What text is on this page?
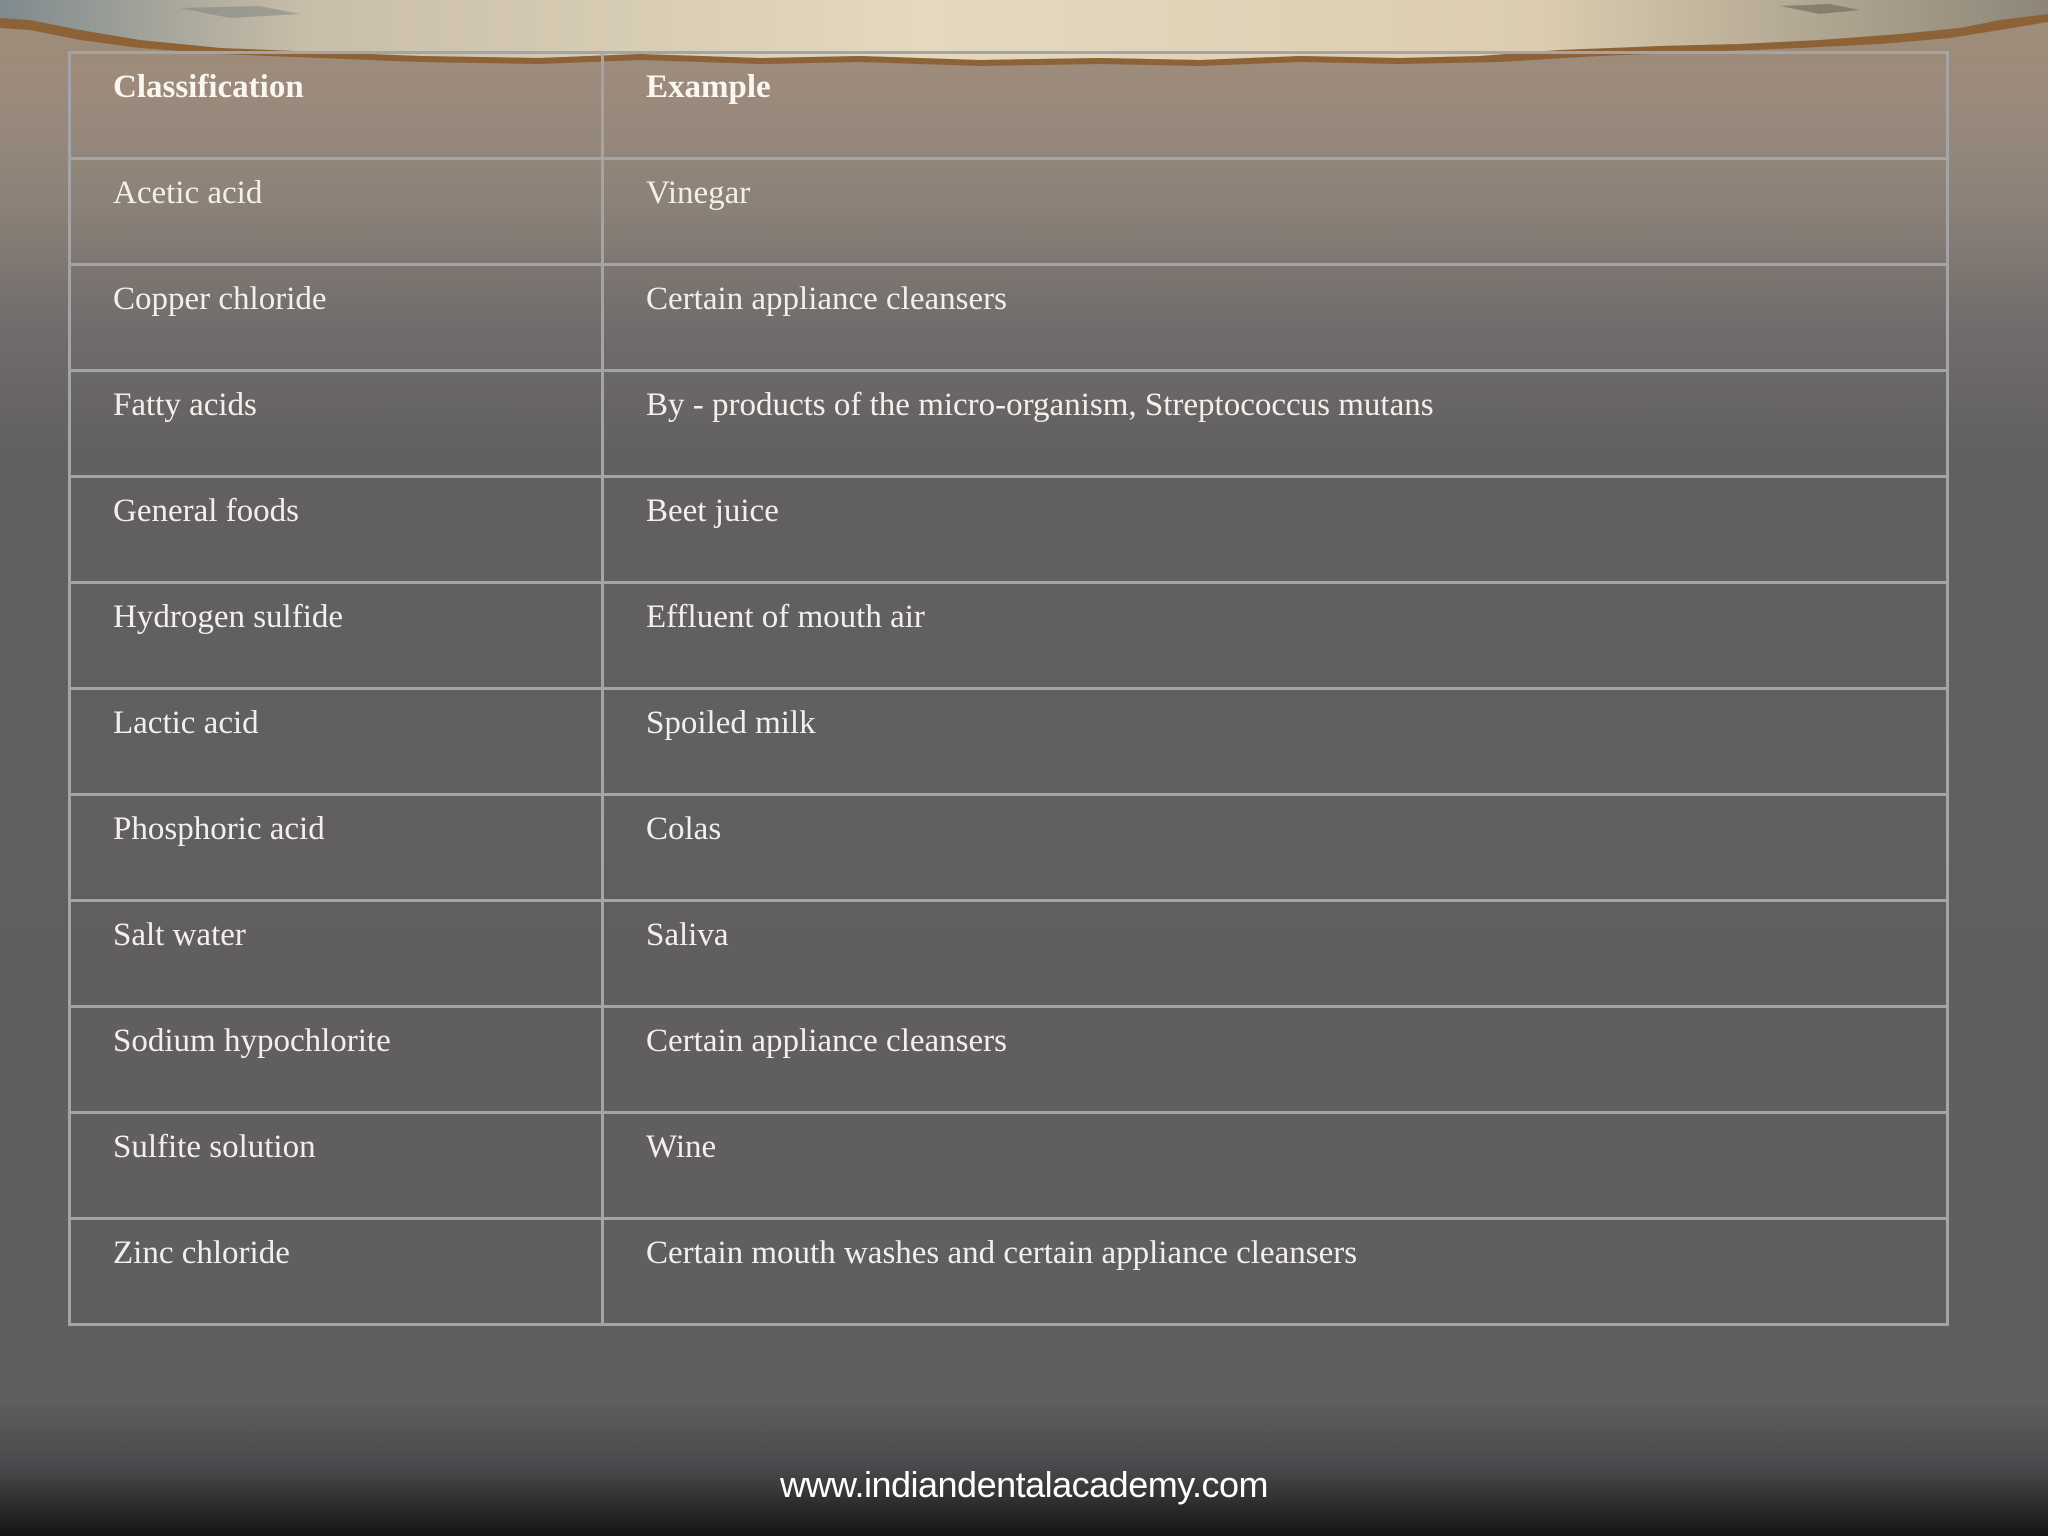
Classification	Example
Acetic acid	Vinegar
Copper chloride	Certain appliance cleansers
Fatty acids	By - products of the micro-organism, Streptococcus mutans
General foods	Beet juice
Hydrogen sulfide	Effluent of mouth air
Lactic acid	Spoiled milk
Phosphoric acid	Colas
Salt water	Saliva
Sodium hypochlorite	Certain appliance cleansers
Sulfite solution	Wine
Zinc chloride	Certain mouth washes and certain appliance cleansers
www.indiandentalacademy.com
